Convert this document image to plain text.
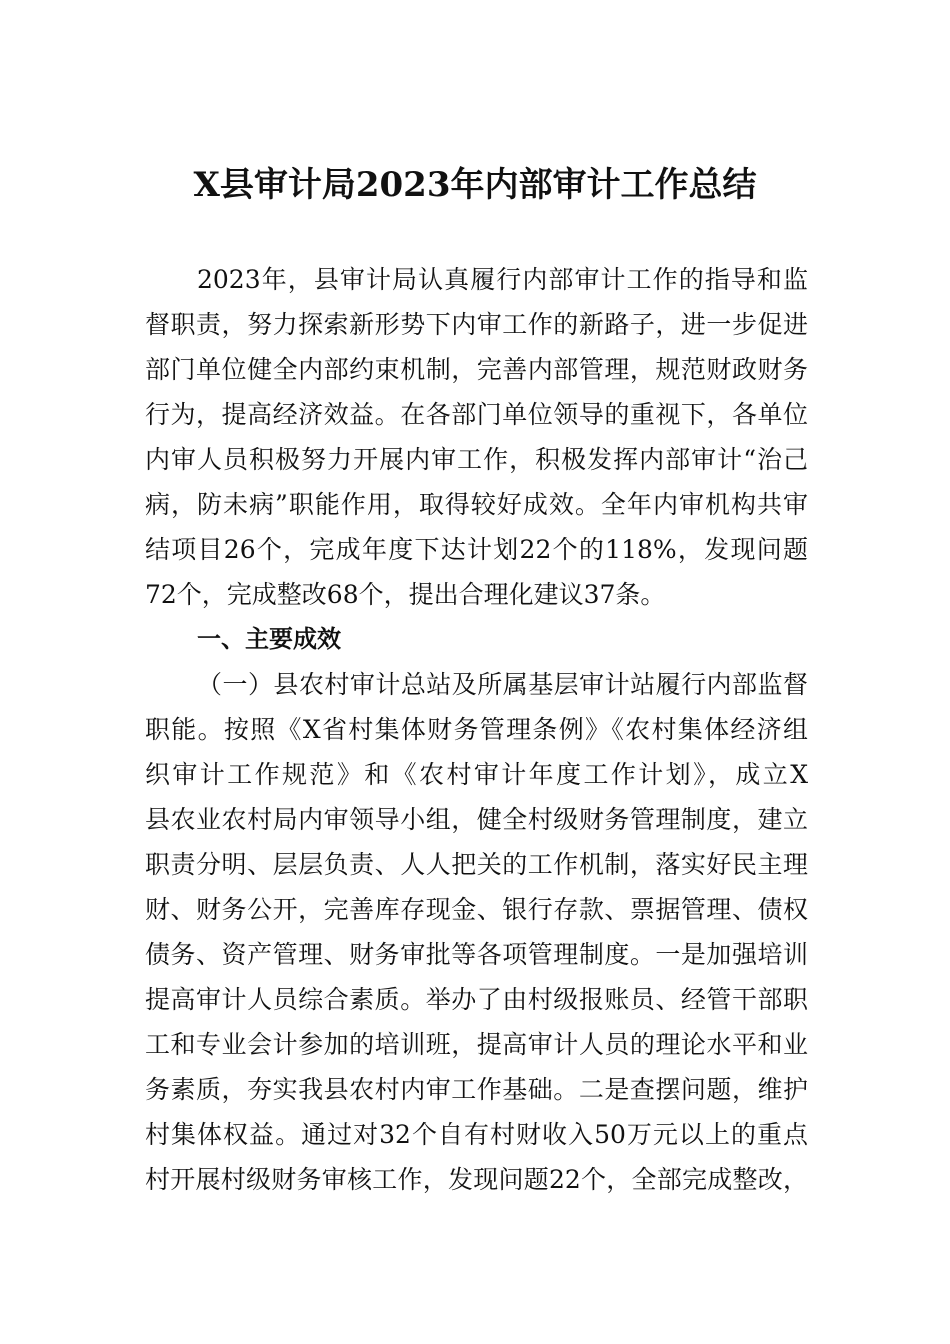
X县审计局2023年内部审计工作总结
2023年，县审计局认真履行内部审计工作的指导和监
督职责，努力探索新形势下内审工作的新路子，进一步促进
部门单位健全内部约束机制，完善内部管理，规范财政财务
行为，提高经济效益。在各部门单位领导的重视下，各单位
内审人员积极努力开展内审工作，积极发挥内部审计“治己
病，防未病”职能作用，取得较好成效。全年内审机构共审
结项目26个，完成年度下达计划22个的118%，发现问题
72个，完成整改68个，提出合理化建议37条。
一、主要成效
（一）县农村审计总站及所属基层审计站履行内部监督
职能。按照《X省村集体财务管理条例》《农村集体经济组
织审计工作规范》和《农村审计年度工作计划》，成立X
县农业农村局内审领导小组，健全村级财务管理制度，建立
职责分明、层层负责、人人把关的工作机制，落实好民主理
财、财务公开，完善库存现金、银行存款、票据管理、债权
债务、资产管理、财务审批等各项管理制度。一是加强培训
提高审计人员综合素质。举办了由村级报账员、经管干部职
工和专业会计参加的培训班，提高审计人员的理论水平和业
务素质，夯实我县农村内审工作基础。二是查摆问题，维护
村集体权益。通过对32个自有村财收入50万元以上的重点
村开展村级财务审核工作，发现问题22个，全部完成整改，
